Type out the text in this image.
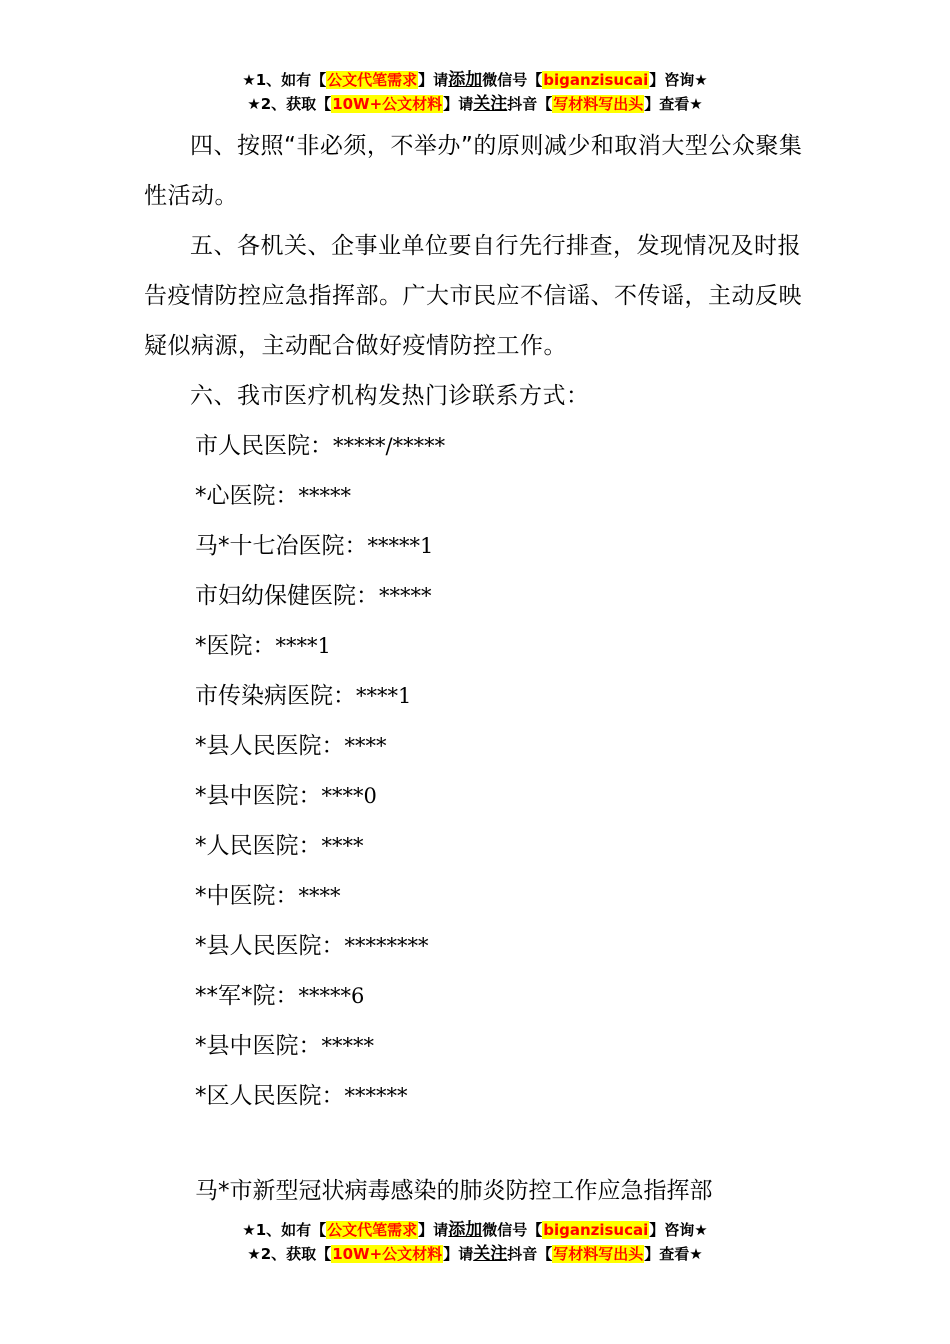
★1、如有【公文代笔需求】请添加微信号【biganzisucai】咨询★
★2、获取【10W+公文材料】请关注抖音【写材料写出头】查看★

四、按照“非必须，不举办”的原则减少和取消大型公众聚集性活动。

五、各机关、企事业单位要自行先行排查，发现情况及时报告疫情防控应急指挥部。广大市民应不信谣、不传谣，主动反映疑似病源，主动配合做好疫情防控工作。

六、我市医疗机构发热门诊联系方式：

市人民医院：*****/*****

*心医院：*****

马*十七冶医院：*****1

市妇幼保健医院：*****

*医院：****1

市传染病医院：****1

*县人民医院：****

*县中医院：****0

*人民医院：****

*中医院：****

*县人民医院：********

**军*院：*****6

*县中医院：*****

*区人民医院：******

马*市新型冠状病毒感染的肺炎防控工作应急指挥部
★1、如有【公文代笔需求】请添加微信号【biganzisucai】咨询★
★2、获取【10W+公文材料】请关注抖音【写材料写出头】查看★
